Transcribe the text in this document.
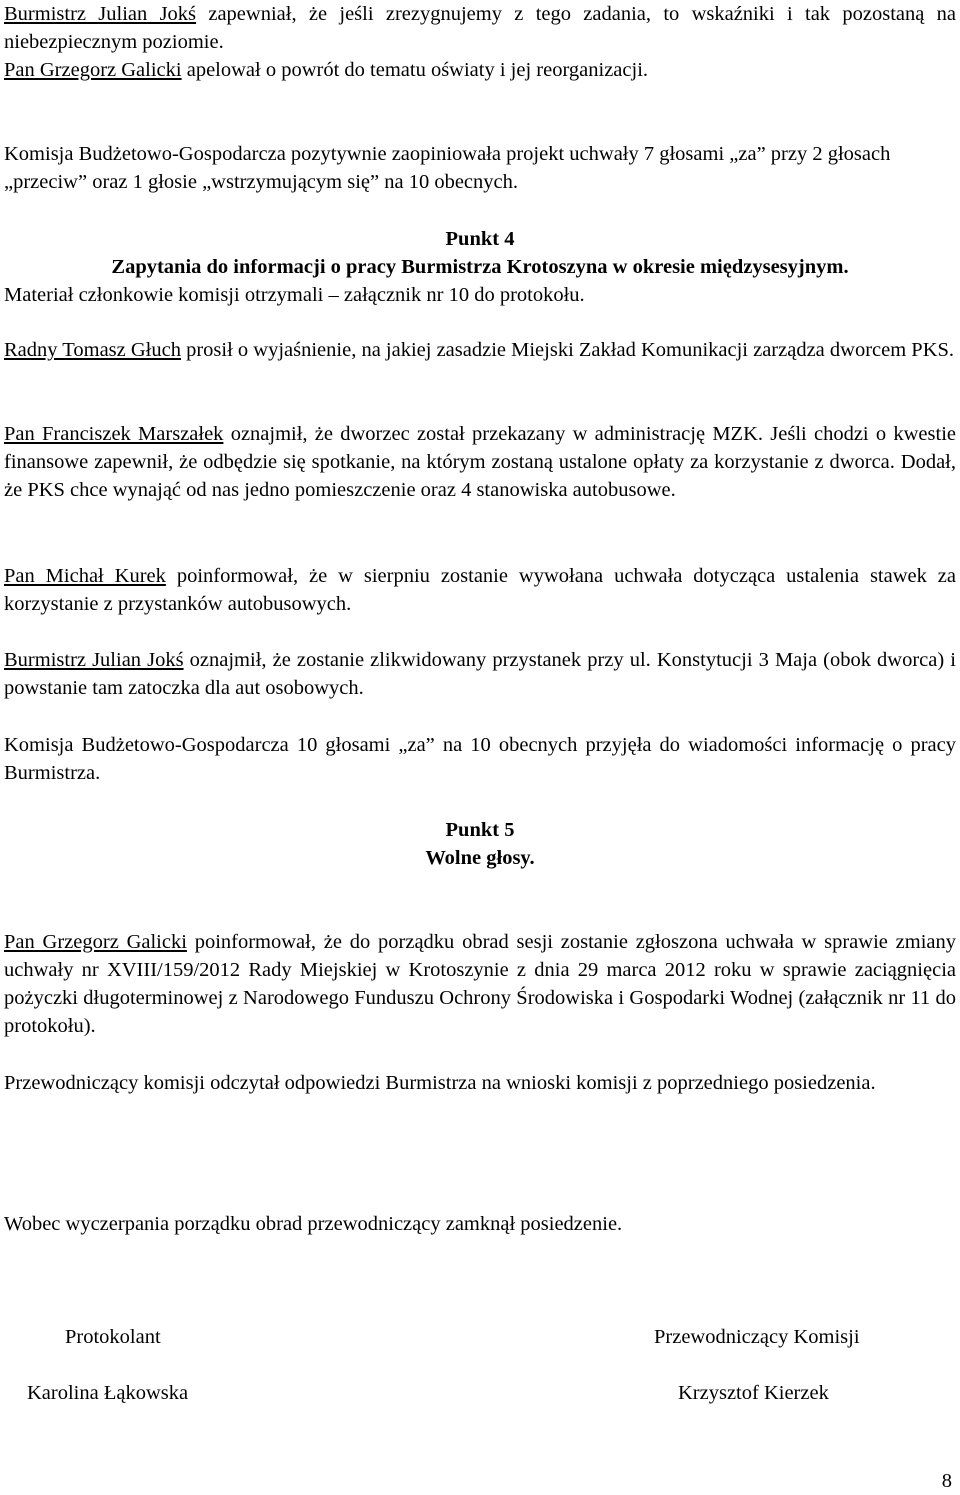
Burmistrz Julian Jokś zapewniał, że jeśli zrezygnujemy z tego zadania, to wskaźniki i tak pozostaną na niebezpiecznym poziomie.

Pan Grzegorz Galicki apelował o powrót do tematu oświaty i jej reorganizacji.

Komisja Budżetowo-Gospodarcza pozytywnie zaopiniowała projekt uchwały 7 głosami „za” przy 2 głosach „przeciw” oraz 1 głosie „wstrzymującym się” na 10 obecnych.

Punkt 4

Zapytania do informacji o pracy Burmistrza Krotoszyna w okresie międzysesyjnym.

Materiał członkowie komisji otrzymali – załącznik nr 10 do protokołu.

Radny Tomasz Głuch prosił o wyjaśnienie, na jakiej zasadzie Miejski Zakład Komunikacji zarządza dworcem PKS.

Pan Franciszek Marszałek oznajmił, że dworzec został przekazany w administrację MZK. Jeśli chodzi o kwestie finansowe zapewnił, że odbędzie się spotkanie, na którym zostaną ustalone opłaty za korzystanie z dworca. Dodał, że PKS chce wynająć od nas jedno pomieszczenie oraz 4 stanowiska autobusowe.

Pan Michał Kurek poinformował, że w sierpniu zostanie wywołana uchwała dotycząca ustalenia stawek za korzystanie z przystanków autobusowych.

Burmistrz Julian Jokś oznajmił, że zostanie zlikwidowany przystanek przy ul. Konstytucji 3 Maja (obok dworca) i powstanie tam zatoczka dla aut osobowych.

Komisja Budżetowo-Gospodarcza 10 głosami „za” na 10 obecnych przyjęła do wiadomości informację o pracy Burmistrza.

Punkt 5

Wolne głosy.

Pan Grzegorz Galicki poinformował, że do porządku obrad sesji zostanie zgłoszona uchwała w sprawie zmiany uchwały nr XVIII/159/2012 Rady Miejskiej w Krotoszynie z dnia 29 marca 2012 roku w sprawie zaciągnięcia pożyczki długoterminowej z Narodowego Funduszu Ochrony Środowiska i Gospodarki Wodnej (załącznik nr 11 do protokołu).

Przewodniczący komisji odczytał odpowiedzi Burmistrza na wnioski komisji z poprzedniego posiedzenia.

Wobec wyczerpania porządku obrad przewodniczący zamknął posiedzenie.

Protokolant

Karolina Łąkowska

Przewodniczący Komisji

Krzysztof Kierzek

8
